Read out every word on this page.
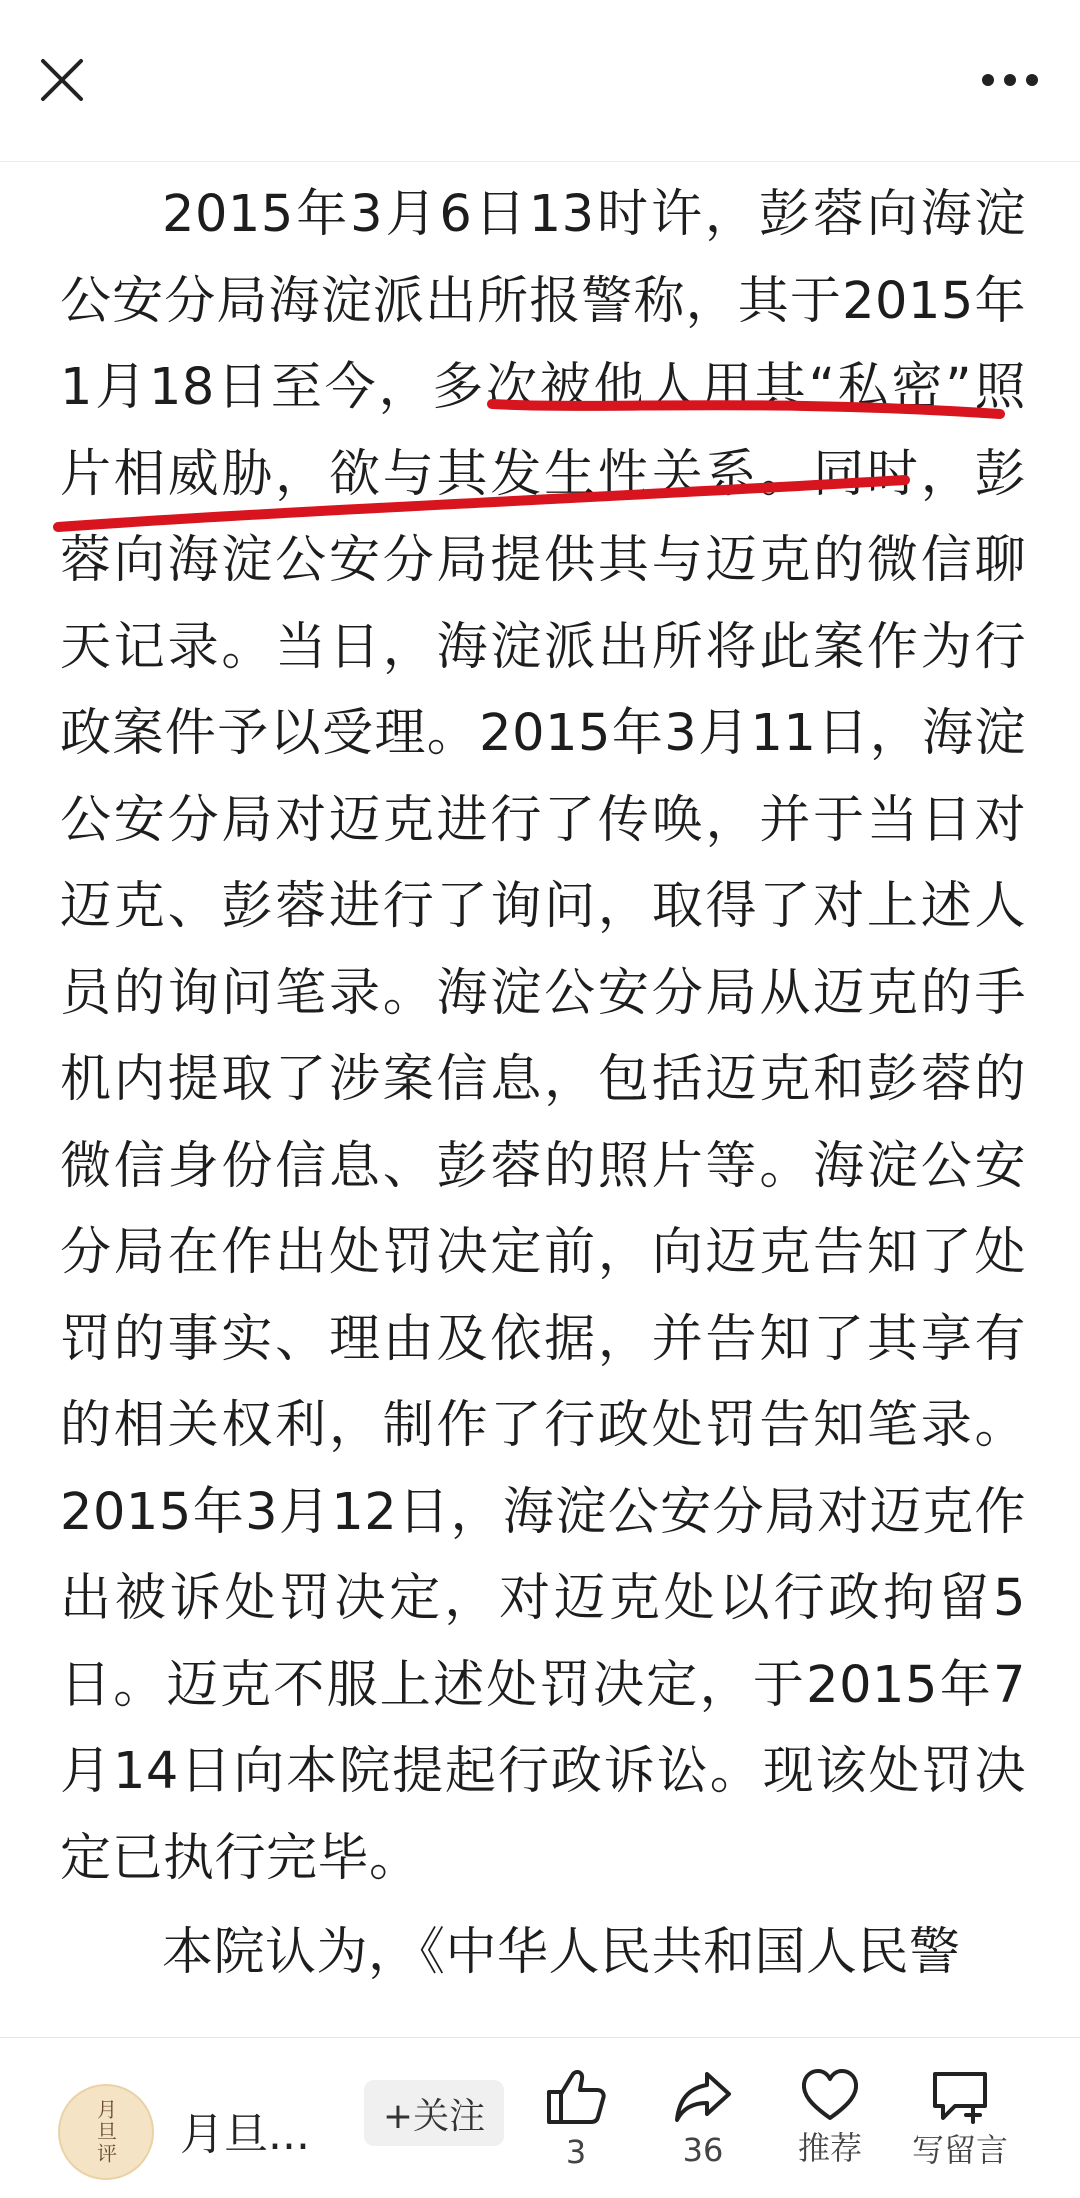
2015年3月6日13时许，彭蓉向海淀公安分局海淀派出所报警称，其于2015年1月18日至今，多次被他人用其“私密”照片相威胁，欲与其发生性关系。同时，彭蓉向海淀公安分局提供其与迈克的微信聊天记录。当日，海淀派出所将此案作为行政案件予以受理。2015年3月11日，海淀公安分局对迈克进行了传唤，并于当日对迈克、彭蓉进行了询问，取得了对上述人员的询问笔录。海淀公安分局从迈克的手机内提取了涉案信息，包括迈克和彭蓉的微信身份信息、彭蓉的照片等。海淀公安分局在作出处罚决定前，向迈克告知了处罚的事实、理由及依据，并告知了其享有的相关权利，制作了行政处罚告知笔录。2015年3月12日，海淀公安分局对迈克作出被诉处罚决定，对迈克处以行政拘留5日。迈克不服上述处罚决定，于2015年7月14日向本院提起行政诉讼。现该处罚决定已执行完毕。

本院认为，《中华人民共和国人民警

月旦评	月旦...	+关注
3	36 推荐 写留言
